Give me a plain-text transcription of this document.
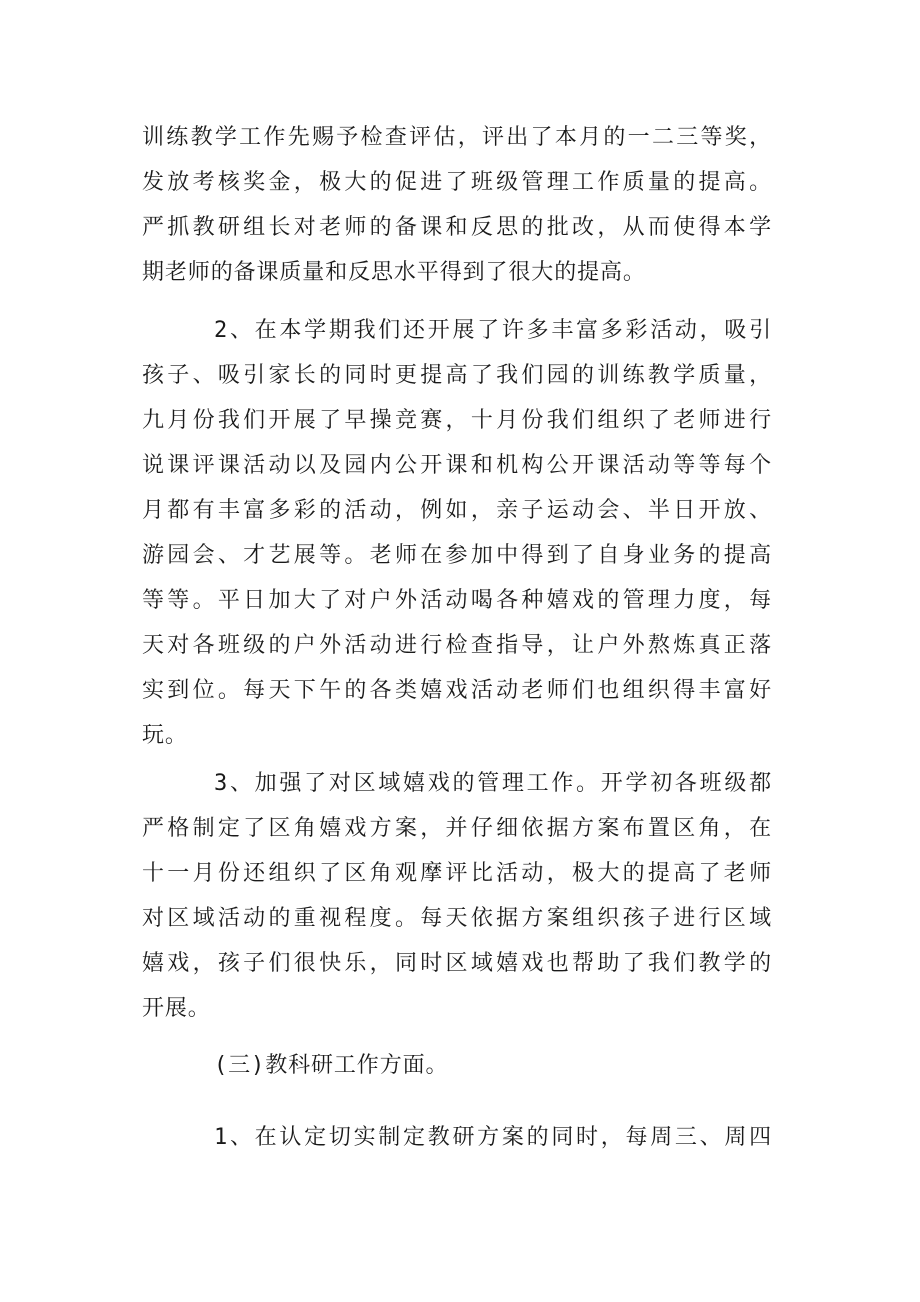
训练教学工作先赐予检查评估，评出了本月的一二三等奖，
发放考核奖金，极大的促进了班级管理工作质量的提高。
严抓教研组长对老师的备课和反思的批改，从而使得本学
期老师的备课质量和反思水平得到了很大的提高。
2、在本学期我们还开展了许多丰富多彩活动，吸引
孩子、吸引家长的同时更提高了我们园的训练教学质量，
九月份我们开展了早操竞赛，十月份我们组织了老师进行
说课评课活动以及园内公开课和机构公开课活动等等每个
月都有丰富多彩的活动，例如，亲子运动会、半日开放、
游园会、才艺展等。老师在参加中得到了自身业务的提高
等等。平日加大了对户外活动喝各种嬉戏的管理力度，每
天对各班级的户外活动进行检查指导，让户外熬炼真正落
实到位。每天下午的各类嬉戏活动老师们也组织得丰富好
玩。
3、加强了对区域嬉戏的管理工作。开学初各班级都
严格制定了区角嬉戏方案，并仔细依据方案布置区角，在
十一月份还组织了区角观摩评比活动，极大的提高了老师
对区域活动的重视程度。每天依据方案组织孩子进行区域
嬉戏，孩子们很快乐，同时区域嬉戏也帮助了我们教学的
开展。
(三)教科研工作方面。
1、在认定切实制定教研方案的同时，每周三、周四
